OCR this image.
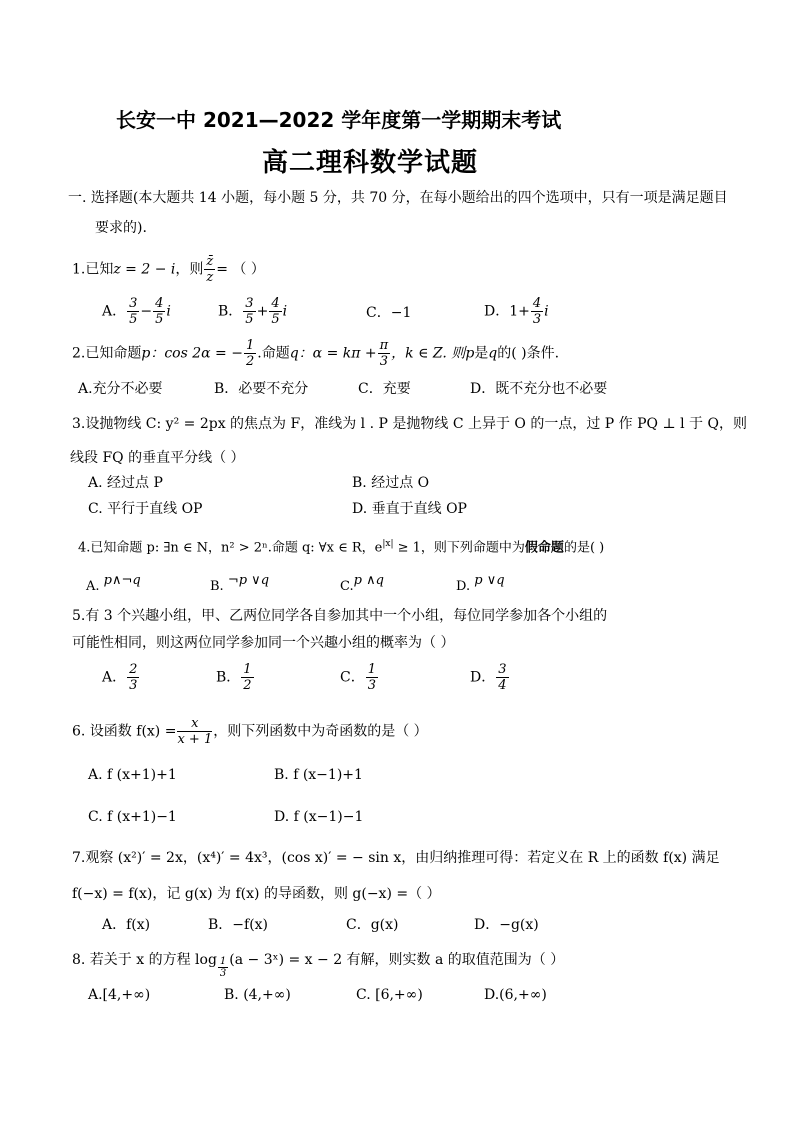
长安一中 2021—2022 学年度第一学期期末考试
高二理科数学试题
一. 选择题(本大题共 14 小题，每小题 5 分，共 70 分，在每小题给出的四个选项中，只有一项是满足题目
要求的).
1.已知z = 2 − i，则 $\frac{z̄}{z}$ = （ ）
A． $\frac{3}{5} - \frac{4}{5}$ i	B． $\frac{3}{5} + \frac{4}{5}$ i	C．−1	D．$1+ \frac{4}{3}$ i
2.已知命题p：cos 2α = − $\frac{1}{2}$ .命题q：$\alpha = k\pi + \frac{\pi}{3}$ ，k ∈ Z. 则p是q的( )条件.
A.充分不必要	B．必要不充分	C．充要	D．既不充分也不必要
3.设抛物线 C: y² = 2px 的焦点为 F，准线为 l . P 是抛物线 C 上异于 O 的一点，过 P 作 PQ ⊥ l 于 Q，则
线段 FQ 的垂直平分线（ ）
A. 经过点 P	B. 经过点 O
C. 平行于直线 OP	D. 垂直于直线 OP
4.已知命题 p: ∃n ∈ N，n² > 2ⁿ.命题 q: ∀x ∈ R，$e^{|x|} \ge 1$，则下列命题中为假命题的是( )
A. p∧¬q	B. ¬p ∨q	C.p ∧q	D. p ∨q
5.有 3 个兴趣小组，甲、乙两位同学各自参加其中一个小组，每位同学参加各个小组的
可能性相同，则这两位同学参加同一个兴趣小组的概率为（ ）
A． $\frac{2}{3}$	B． $\frac{1}{2}$	C． $\frac{1}{3}$	D． $\frac{3}{4}$
6. 设函数 $f(x) = \frac{x}{x + 1}$ ，则下列函数中为奇函数的是（ ）
A. f (x+1)+1	B. f (x−1)+1
C. f (x+1)−1	D. f (x−1)−1
7.观察 (x²)′ = 2x，(x⁴)′ = 4x³，(cos x)′ = − sin x，由归纳推理可得：若定义在 R 上的函数 f(x) 满足
f(−x) = f(x)，记 g(x) 为 f(x) 的导函数，则 g(−x) =（ ）
A．f(x)	B．−f(x)	C．g(x)	D．−g(x)
8. 若关于 x 的方程 $\log \frac{1}{3} (a$ − 3ˣ) = x − 2 有解，则实数 a 的取值范围为（ ）
A.[4,+∞)	B. (4,+∞)	C. [6,+∞)	D.(6,+∞)
